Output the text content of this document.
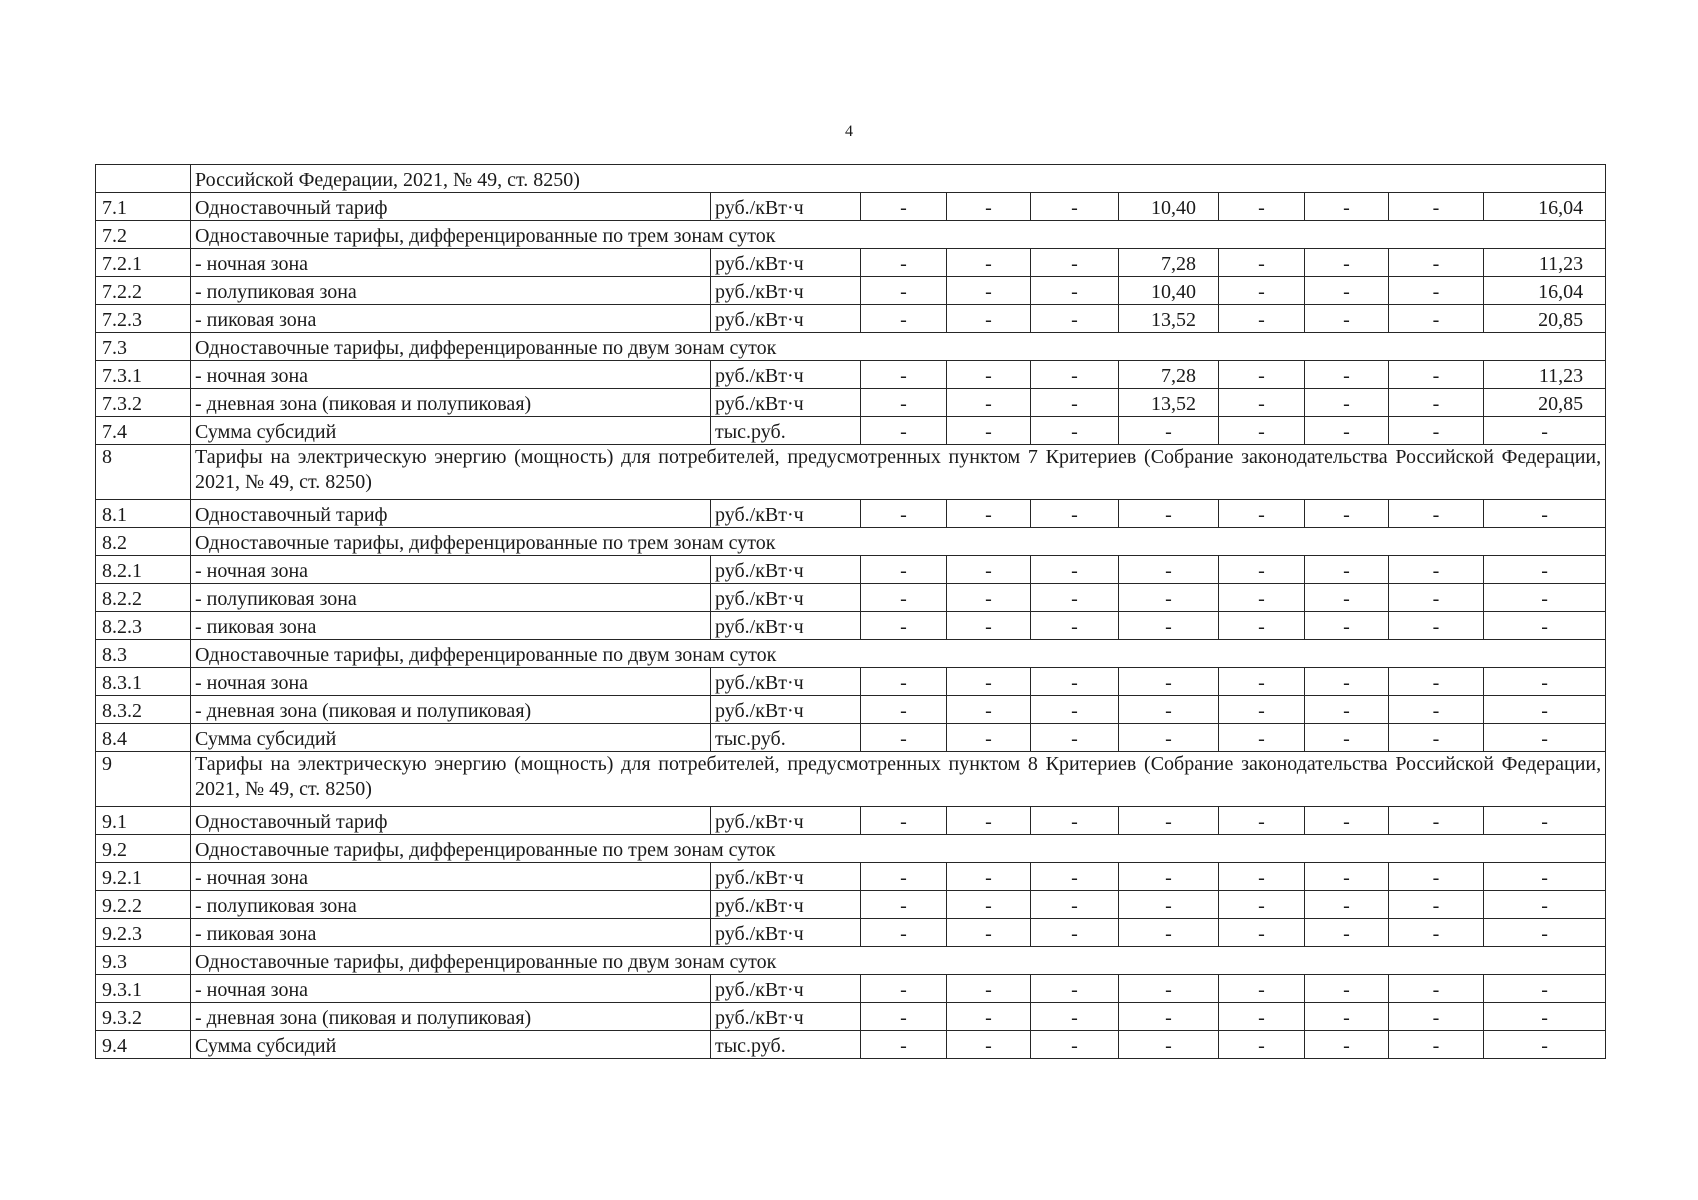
4
	Российской Федерации, 2021, № 49, ст. 8250)									
7.1	Одноставочный тариф	руб./кВт·ч	-	-	-	10,40	-	-	-	16,04
7.2	Одноставочные тарифы, дифференцированные по трем зонам суток									
7.2.1	- ночная зона	руб./кВт·ч	-	-	-	7,28	-	-	-	11,23
7.2.2	- полупиковая зона	руб./кВт·ч	-	-	-	10,40	-	-	-	16,04
7.2.3	- пиковая зона	руб./кВт·ч	-	-	-	13,52	-	-	-	20,85
7.3	Одноставочные тарифы, дифференцированные по двум зонам суток									
7.3.1	- ночная зона	руб./кВт·ч	-	-	-	7,28	-	-	-	11,23
7.3.2	- дневная зона (пиковая и полупиковая)	руб./кВт·ч	-	-	-	13,52	-	-	-	20,85
7.4	Сумма субсидий	тыс.руб.	-	-	-	-	-	-	-	-
8	Тарифы на электрическую энергию (мощность) для потребителей, предусмотренных пунктом 7 Критериев (Собрание законодательства Российской Федерации, 2021, № 49, ст. 8250)									
8.1	Одноставочный тариф	руб./кВт·ч	-	-	-	-	-	-	-	-
8.2	Одноставочные тарифы, дифференцированные по трем зонам суток									
8.2.1	- ночная зона	руб./кВт·ч	-	-	-	-	-	-	-	-
8.2.2	- полупиковая зона	руб./кВт·ч	-	-	-	-	-	-	-	-
8.2.3	- пиковая зона	руб./кВт·ч	-	-	-	-	-	-	-	-
8.3	Одноставочные тарифы, дифференцированные по двум зонам суток									
8.3.1	- ночная зона	руб./кВт·ч	-	-	-	-	-	-	-	-
8.3.2	- дневная зона (пиковая и полупиковая)	руб./кВт·ч	-	-	-	-	-	-	-	-
8.4	Сумма субсидий	тыс.руб.	-	-	-	-	-	-	-	-
9	Тарифы на электрическую энергию (мощность) для потребителей, предусмотренных пунктом 8 Критериев (Собрание законодательства Российской Федерации, 2021, № 49, ст. 8250)									
9.1	Одноставочный тариф	руб./кВт·ч	-	-	-	-	-	-	-	-
9.2	Одноставочные тарифы, дифференцированные по трем зонам суток									
9.2.1	- ночная зона	руб./кВт·ч	-	-	-	-	-	-	-	-
9.2.2	- полупиковая зона	руб./кВт·ч	-	-	-	-	-	-	-	-
9.2.3	- пиковая зона	руб./кВт·ч	-	-	-	-	-	-	-	-
9.3	Одноставочные тарифы, дифференцированные по двум зонам суток									
9.3.1	- ночная зона	руб./кВт·ч	-	-	-	-	-	-	-	-
9.3.2	- дневная зона (пиковая и полупиковая)	руб./кВт·ч	-	-	-	-	-	-	-	-
9.4	Сумма субсидий	тыс.руб.	-	-	-	-	-	-	-	-
